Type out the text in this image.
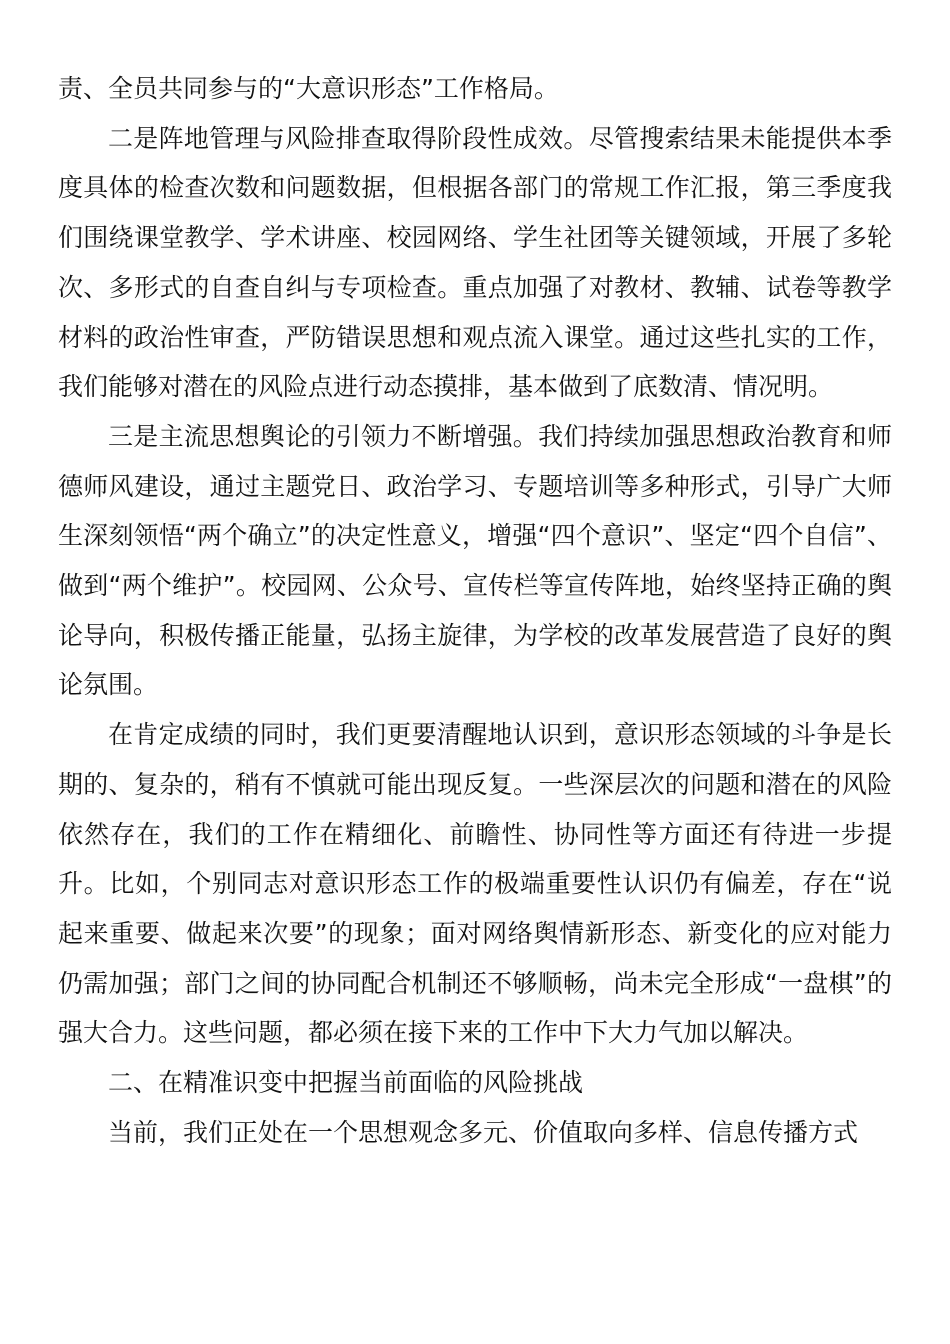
责、全员共同参与的“大意识形态”工作格局。

二是阵地管理与风险排查取得阶段性成效。尽管搜索结果未能提供本季度具体的检查次数和问题数据，但根据各部门的常规工作汇报，第三季度我们围绕课堂教学、学术讲座、校园网络、学生社团等关键领域，开展了多轮次、多形式的自查自纠与专项检查。重点加强了对教材、教辅、试卷等教学材料的政治性审查，严防错误思想和观点流入课堂。通过这些扎实的工作，我们能够对潜在的风险点进行动态摸排，基本做到了底数清、情况明。

三是主流思想舆论的引领力不断增强。我们持续加强思想政治教育和师德师风建设，通过主题党日、政治学习、专题培训等多种形式，引导广大师生深刻领悟“两个确立”的决定性意义，增强“四个意识”、坚定“四个自信”、做到“两个维护”。校园网、公众号、宣传栏等宣传阵地，始终坚持正确的舆论导向，积极传播正能量，弘扬主旋律，为学校的改革发展营造了良好的舆论氛围。

在肯定成绩的同时，我们更要清醒地认识到，意识形态领域的斗争是长期的、复杂的，稍有不慎就可能出现反复。一些深层次的问题和潜在的风险依然存在，我们的工作在精细化、前瞻性、协同性等方面还有待进一步提升。比如，个别同志对意识形态工作的极端重要性认识仍有偏差，存在“说起来重要、做起来次要”的现象；面对网络舆情新形态、新变化的应对能力仍需加强；部门之间的协同配合机制还不够顺畅，尚未完全形成“一盘棋”的强大合力。这些问题，都必须在接下来的工作中下大力气加以解决。

二、在精准识变中把握当前面临的风险挑战

当前，我们正处在一个思想观念多元、价值取向多样、信息传播方式
